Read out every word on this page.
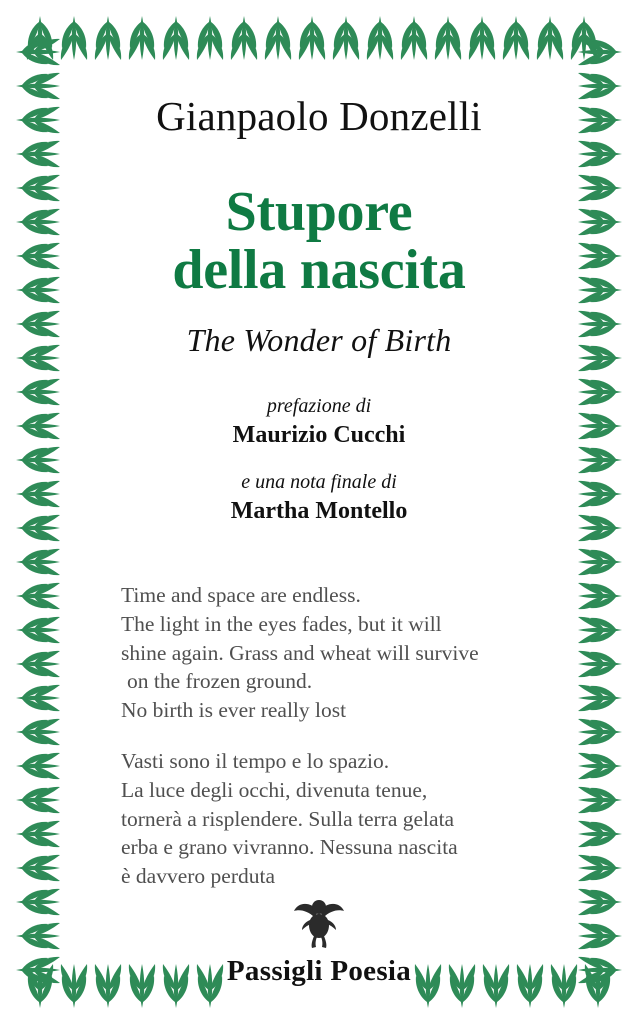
Gianpaolo Donzelli
Stupore
della nascita
The Wonder of Birth
prefazione di
Maurizio Cucchi
e una nota finale di
Martha Montello

Time and space are endless.

The light in the eyes fades, but it will

shine again. Grass and wheat will survive

on the frozen ground.

No birth is ever really lost

Vasti sono il tempo e lo spazio.

La luce degli occhi, divenuta tenue,

tornerà a risplendere. Sulla terra gelata

erba e grano vivranno. Nessuna nascita

è davvero perduta

Passigli Poesia
